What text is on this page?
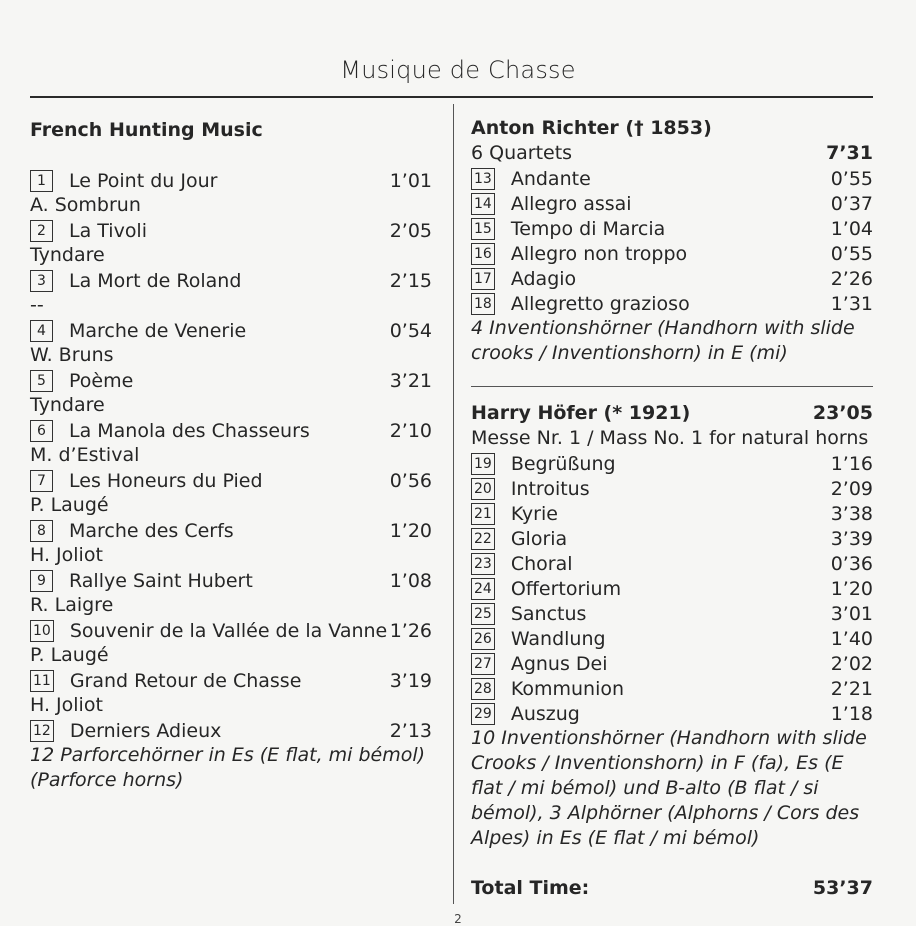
Musique de Chasse
French Hunting Music
1	Le Point du Jour	1’01
A. Sombrun
2	La Tivoli	2’05
Tyndare
3	La Mort de Roland	2’15
--
4	Marche de Venerie	0’54
W. Bruns
5	Poème	3’21
Tyndare
6	La Manola des Chasseurs	2’10
M. d’Estival
7	Les Honeurs du Pied	0’56
P. Laugé
8	Marche des Cerfs	1’20
H. Joliot
9	Rallye Saint Hubert	1’08
R. Laigre
10 Souvenir de la Vallée de la Vanne 1’26
P. Laugé
11 Grand Retour de Chasse	3’19
H. Joliot
12 Derniers Adieux	2’13
12 Parforcehörner in Es (E flat, mi bémol) (Parforce horns)
Anton Richter († 1853)
6 Quartets	7’31
13 Andante	0’55
14 Allegro assai	0’37
15 Tempo di Marcia	1’04
16 Allegro non troppo	0’55
17 Adagio	2’26
18 Allegretto grazioso	1’31
4 Inventionshörner (Handhorn with slide crooks / Inventionshorn) in E (mi)
Harry Höfer (* 1921)	23’05
Messe Nr. 1 / Mass No. 1 for natural horns
19 Begrüßung	1’16
20 Introitus	2’09
21 Kyrie	3’38
22 Gloria	3’39
23 Choral	0’36
24 Offertorium	1’20
25 Sanctus	3’01
26 Wandlung	1’40
27 Agnus Dei	2’02
28 Kommunion	2’21
29 Auszug	1’18
10 Inventionshörner (Handhorn with slide Crooks / Inventionshorn) in F (fa), Es (E flat / mi bémol) und B-alto (B flat / si bémol), 3 Alphörner (Alphorns / Cors des Alpes) in Es (E flat / mi bémol)
Total Time:	53’37
2
